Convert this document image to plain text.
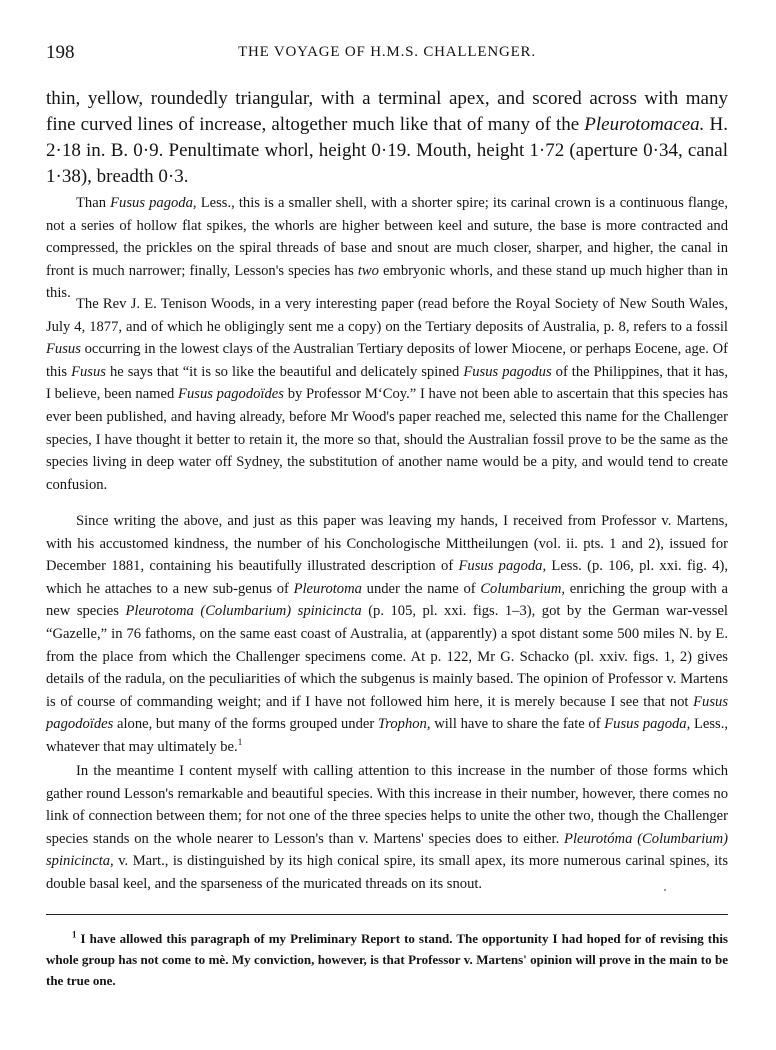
198	THE VOYAGE OF H.M.S. CHALLENGER.

thin, yellow, roundedly triangular, with a terminal apex, and scored across with many fine curved lines of increase, altogether much like that of many of the Pleurotomacea. H. 2·18 in. B. 0·9. Penultimate whorl, height 0·19. Mouth, height 1·72 (aperture 0·34, canal 1·38), breadth 0·3.

Than Fusus pagoda, Less., this is a smaller shell, with a shorter spire; its carinal crown is a continuous flange, not a series of hollow flat spikes, the whorls are higher between keel and suture, the base is more contracted and compressed, the prickles on the spiral threads of base and snout are much closer, sharper, and higher, the canal in front is much narrower; finally, Lesson's species has two embryonic whorls, and these stand up much higher than in this.

The Rev J. E. Tenison Woods, in a very interesting paper (read before the Royal Society of New South Wales, July 4, 1877, and of which he obligingly sent me a copy) on the Tertiary deposits of Australia, p. 8, refers to a fossil Fusus occurring in the lowest clays of the Australian Tertiary deposits of lower Miocene, or perhaps Eocene, age. Of this Fusus he says that “it is so like the beautiful and delicately spined Fusus pagodus of the Philippines, that it has, I believe, been named Fusus pagodoïdes by Professor M‘Coy.” I have not been able to ascertain that this species has ever been published, and having already, before Mr Wood's paper reached me, selected this name for the Challenger species, I have thought it better to retain it, the more so that, should the Australian fossil prove to be the same as the species living in deep water off Sydney, the substitution of another name would be a pity, and would tend to create confusion.

Since writing the above, and just as this paper was leaving my hands, I received from Professor v. Martens, with his accustomed kindness, the number of his Conchologische Mittheilungen (vol. ii. pts. 1 and 2), issued for December 1881, containing his beautifully illustrated description of Fusus pagoda, Less. (p. 106, pl. xxi. fig. 4), which he attaches to a new sub-genus of Pleurotoma under the name of Columbarium, enriching the group with a new species Pleurotoma (Columbarium) spinicincta (p. 105, pl. xxi. figs. 1–3), got by the German war-vessel “Gazelle,” in 76 fathoms, on the same east coast of Australia, at (apparently) a spot distant some 500 miles N. by E. from the place from which the Challenger specimens come. At p. 122, Mr G. Schacko (pl. xxiv. figs. 1, 2) gives details of the radula, on the peculiarities of which the subgenus is mainly based. The opinion of Professor v. Martens is of course of commanding weight; and if I have not followed him here, it is merely because I see that not Fusus pagodoïdes alone, but many of the forms grouped under Trophon, will have to share the fate of Fusus pagoda, Less., whatever that may ultimately be.$^1$

In the meantime I content myself with calling attention to this increase in the number of those forms which gather round Lesson's remarkable and beautiful species. With this increase in their number, however, there comes no link of connection between them; for not one of the three species helps to unite the other two, though the Challenger species stands on the whole nearer to Lesson's than v. Martens' species does to either. Pleurotóma (Columbarium) spinicincta, v. Mart., is distinguished by its high conical spire, its small apex, its more numerous carinal spines, its double basal keel, and the sparseness of the muricated threads on its snout.

$^1$ I have allowed this paragraph of my Preliminary Report to stand. The opportunity I had hoped for of revising this whole group has not come to mè. My conviction, however, is that Professor v. Martens' opinion will prove in the main to be the true one.
